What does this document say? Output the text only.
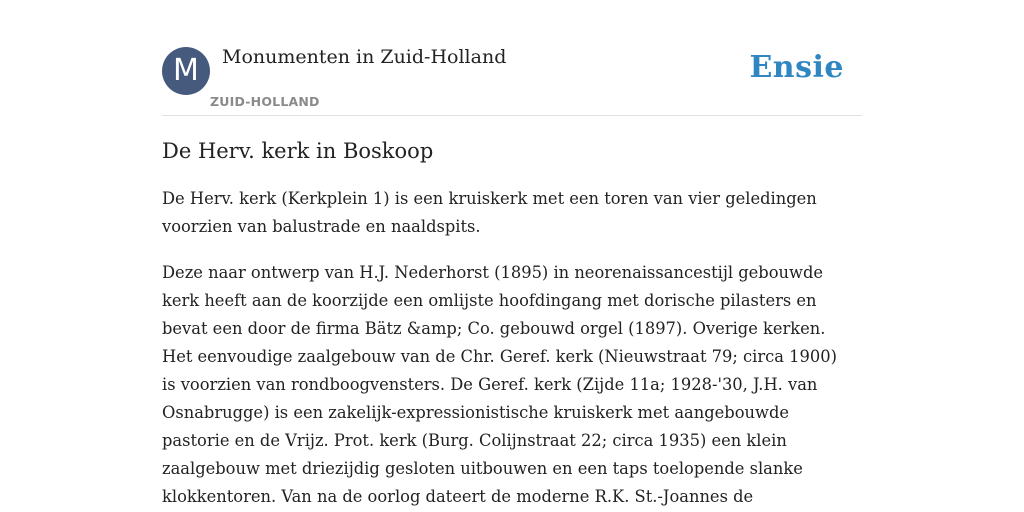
M	Monumenten in Zuid-Holland
ZUID-HOLLAND
Ensie
De Herv. kerk in Boskoop

De Herv. kerk (Kerkplein 1) is een kruiskerk met een toren van vier geledingen
voorzien van balustrade en naaldspits.

Deze naar ontwerp van H.J. Nederhorst (1895) in neorenaissancestijl gebouwde
kerk heeft aan de koorzijde een omlijste hoofdingang met dorische pilasters en
bevat een door de firma Bätz &amp; Co. gebouwd orgel (1897). Overige kerken.
Het eenvoudige zaalgebouw van de Chr. Geref. kerk (Nieuwstraat 79; circa 1900)
is voorzien van rondboogvensters. De Geref. kerk (Zijde 11a; 1928-'30, J.H. van
Osnabrugge) is een zakelijk-expressionistische kruiskerk met aangebouwde
pastorie en de Vrijz. Prot. kerk (Burg. Colijnstraat 22; circa 1935) een klein
zaalgebouw met driezijdig gesloten uitbouwen en een taps toelopende slanke
klokkentoren. Van na de oorlog dateert de moderne R.K. St.-Joannes de
